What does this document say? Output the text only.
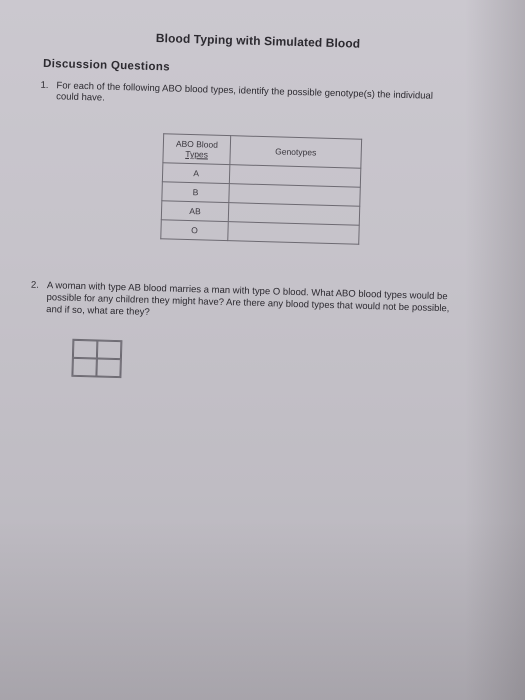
Blood Typing with Simulated Blood
Discussion Questions
1. For each of the following ABO blood types, identify the possible genotype(s) the individual could have.
ABO Blood
Types	Genotypes
A	
B	
AB	
O	
2. A woman with type AB blood marries a man with type O blood. What ABO blood types would be possible for any children they might have? Are there any blood types that would not be possible, and if so, what are they?
